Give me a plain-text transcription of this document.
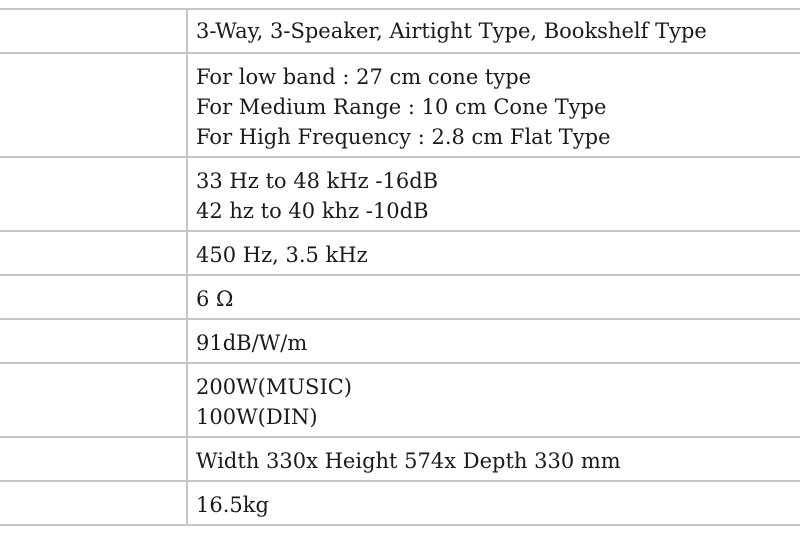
	3-Way, 3-Speaker, Airtight Type, Bookshelf Type

	For low band : 27 cm cone type
For Medium Range : 10 cm Cone Type
For High Frequency : 2.8 cm Flat Type

	33 Hz to 48 kHz -16dB
42 hz to 40 khz -10dB

	450 Hz, 3.5 kHz

	6 Ω

	91dB/W/m

	200W(MUSIC)
100W(DIN)

	Width 330x Height 574x Depth 330 mm

	16.5kg
